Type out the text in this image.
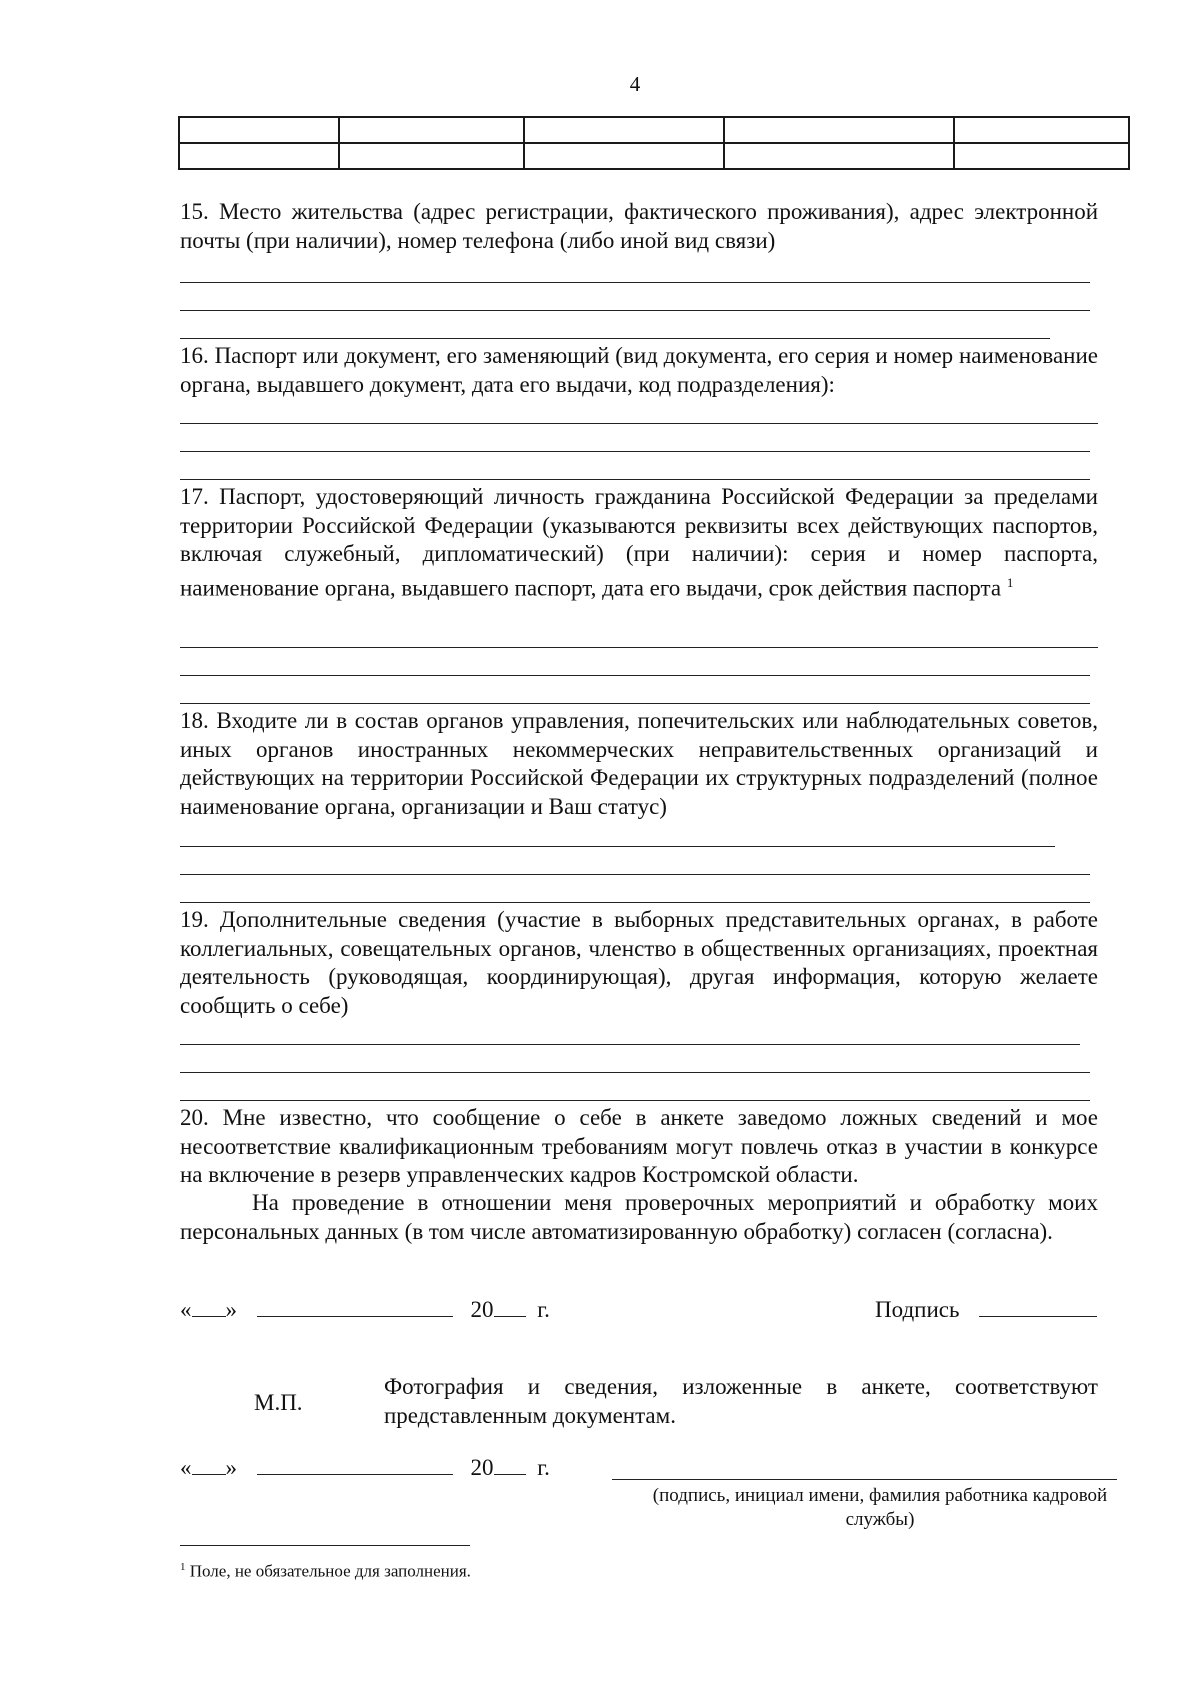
4

15. Место жительства (адрес регистрации, фактического проживания), адрес электронной почты (при наличии), номер телефона (либо иной вид связи)
16. Паспорт или документ, его заменяющий (вид документа, его серия и номер наименование органа, выдавшего документ, дата его выдачи, код подразделения):
17. Паспорт, удостоверяющий личность гражданина Российской Федерации за пределами территории Российской Федерации (указываются реквизиты всех действующих паспортов, включая служебный, дипломатический) (при наличии): серия и номер паспорта, наименование органа, выдавшего паспорт, дата его выдачи, срок действия паспорта $^1$
18. Входите ли в состав органов управления, попечительских или наблюдательных советов, иных органов иностранных некоммерческих неправительственных организаций и действующих на территории Российской Федерации их структурных подразделений (полное наименование органа, организации и Ваш статус)
19. Дополнительные сведения (участие в выборных представительных органах, в работе коллегиальных, совещательных органов, членство в общественных организациях, проектная деятельность (руководящая, координирующая), другая информация, которую желаете сообщить о себе)
20. Мне известно, что сообщение о себе в анкете заведомо ложных сведений и мое несоответствие квалификационным требованиям могут повлечь отказ в участии в конкурсе на включение в резерв управленческих кадров Костромской области.
На проведение в отношении меня проверочных мероприятий и обработку моих персональных данных (в том числе автоматизированную обработку) согласен (согласна).
« »	20 г.	Подпись
М.П.
Фотография и сведения, изложенные в анкете, соответствуют представленным документам.
« »	20 г.
(подпись, инициал имени, фамилия работника кадровой службы)
$^1$ Поле, не обязательное для заполнения.
